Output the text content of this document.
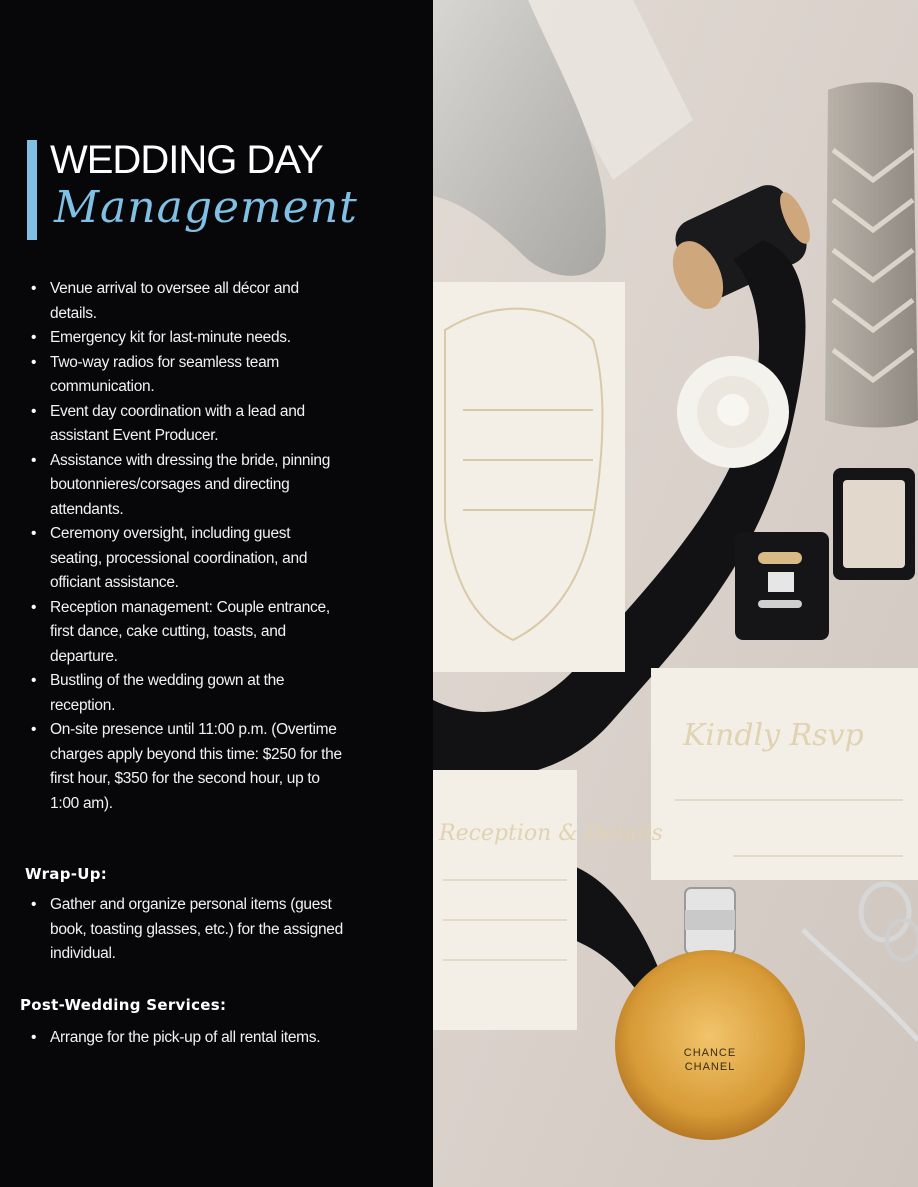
WEDDING DAY
Management
• Venue arrival to oversee all décor and details.
• Emergency kit for last-minute needs.
• Two-way radios for seamless team communication.
• Event day coordination with a lead and assistant Event Producer.
• Assistance with dressing the bride, pinning boutonnieres/corsages and directing attendants.
• Ceremony oversight, including guest seating, processional coordination, and officiant assistance.
• Reception management: Couple entrance, first dance, cake cutting, toasts, and departure.
• Bustling of the wedding gown at the reception.
• On-site presence until 11:00 p.m. (Overtime charges apply beyond this time: $250 for the first hour, $350 for the second hour, up to 1:00 am).
Wrap-Up:
• Gather and organize personal items (guest book, toasting glasses, etc.) for the assigned individual.
Post-Wedding Services:
• Arrange for the pick-up of all rental items.
Kindly Rsvp
Reception & Details
CHANCE
CHANEL
